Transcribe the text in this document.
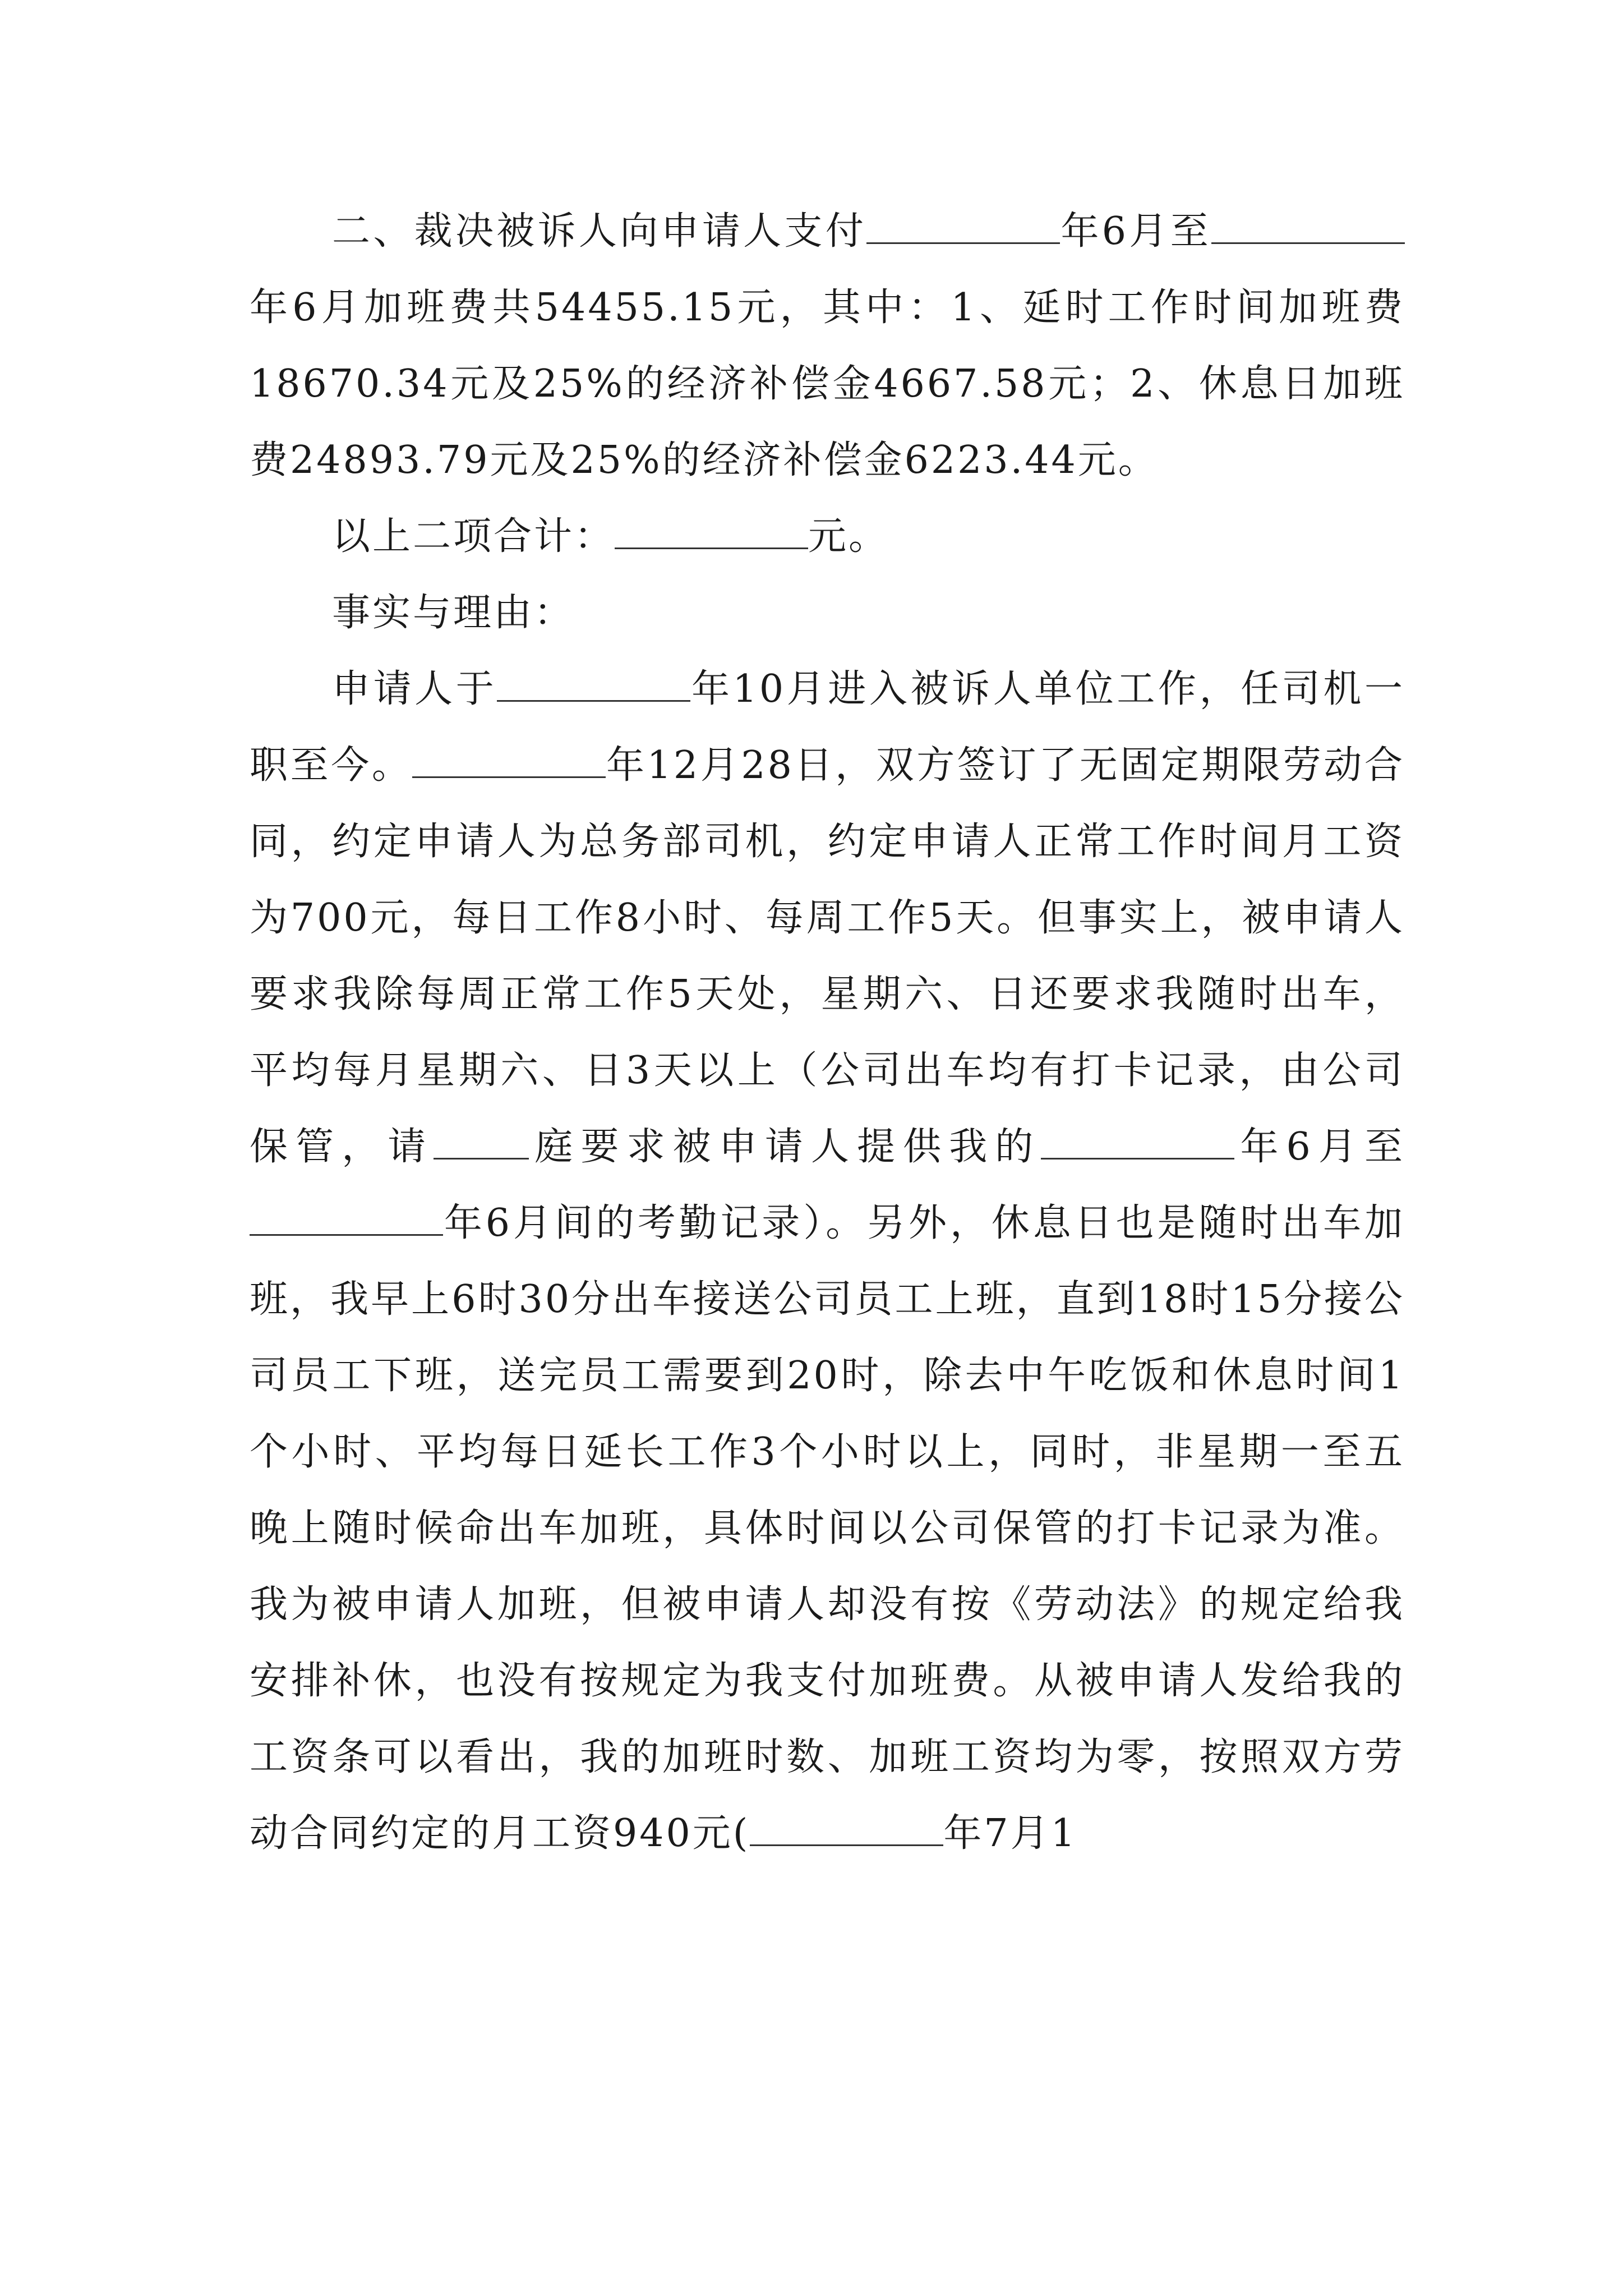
二、裁决被诉人向申请人支付	年6月至年6月加班费共54455.15元，其中：1、延时工作时间加班费18670.34元及25%的经济补偿金4667.58元；2、休息日加班费24893.79元及25%的经济补偿金6223.44元。

以上二项合计：	元。

事实与理由：

申请人于	年10月进入被诉人单位工作，任司机一职至今。	年12月28日，双方签订了无固定期限劳动合同，约定申请人为总务部司机，约定申请人正常工作时间月工资为700元，每日工作8小时、每周工作5天。但事实上，被申请人要求我除每周正常工作5天处，星期六、日还要求我随时出车，平均每月星期六、日3天以上（公司出车均有打卡记录，由公司保管，请	庭要求被申请人提供我的	年6月至年6月间的考勤记录）。另外，休息日也是随时出车加班，我早上6时30分出车接送公司员工上班，直到18时15分接公司员工下班，送完员工需要到20时，除去中午吃饭和休息时间1个小时、平均每日延长工作3个小时以上，同时，非星期一至五晚上随时候命出车加班，具体时间以公司保管的打卡记录为准。我为被申请人加班，但被申请人却没有按《劳动法》的规定给我安排补休，也没有按规定为我支付加班费。从被申请人发给我的工资条可以看出，我的加班时数、加班工资均为零，按照双方劳动合同约定的月工资940元(	年7月1
